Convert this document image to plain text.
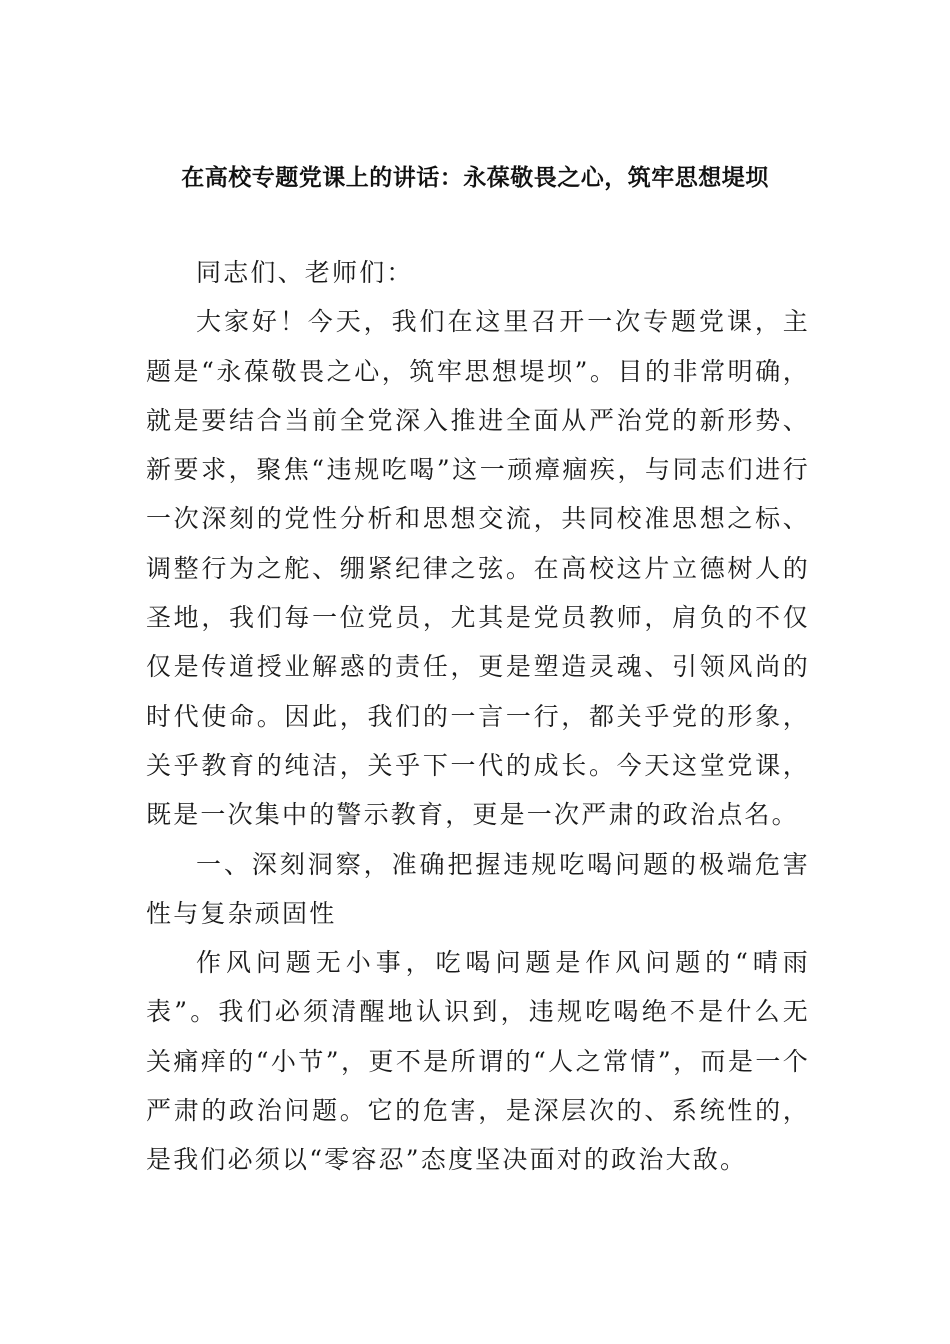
在高校专题党课上的讲话：永葆敬畏之心，筑牢思想堤坝

同志们、老师们：

大家好！今天，我们在这里召开一次专题党课，主题是“永葆敬畏之心，筑牢思想堤坝”。目的非常明确，就是要结合当前全党深入推进全面从严治党的新形势、新要求，聚焦“违规吃喝”这一顽瘴痼疾，与同志们进行一次深刻的党性分析和思想交流，共同校准思想之标、调整行为之舵、绷紧纪律之弦。在高校这片立德树人的圣地，我们每一位党员，尤其是党员教师，肩负的不仅仅是传道授业解惑的责任，更是塑造灵魂、引领风尚的时代使命。因此，我们的一言一行，都关乎党的形象，关乎教育的纯洁，关乎下一代的成长。今天这堂党课，既是一次集中的警示教育，更是一次严肃的政治点名。

一、深刻洞察，准确把握违规吃喝问题的极端危害性与复杂顽固性

作风问题无小事，吃喝问题是作风问题的“晴雨表”。我们必须清醒地认识到，违规吃喝绝不是什么无关痛痒的“小节”，更不是所谓的“人之常情”，而是一个严肃的政治问题。它的危害，是深层次的、系统性的，是我们必须以“零容忍”态度坚决面对的政治大敌。
